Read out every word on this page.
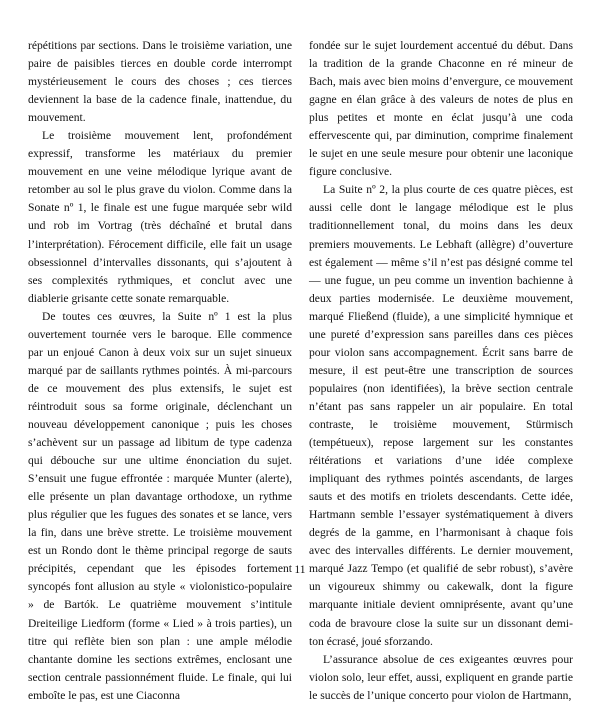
répétitions par sections. Dans le troisième variation, une paire de paisibles tierces en double corde interrompt mystérieusement le cours des choses ; ces tierces deviennent la base de la cadence finale, inattendue, du mouvement.

Le troisième mouvement lent, profondément expressif, transforme les matériaux du premier mouvement en une veine mélodique lyrique avant de retomber au sol le plus grave du violon. Comme dans la Sonate nº 1, le finale est une fugue marquée sebr wild und rob im Vortrag (très déchaîné et brutal dans l’interprétation). Férocement difficile, elle fait un usage obsessionnel d’intervalles dissonants, qui s’ajoutent à ses complexités rythmiques, et conclut avec une diablerie grisante cette sonate remarquable.

De toutes ces œuvres, la Suite nº 1 est la plus ouvertement tournée vers le baroque. Elle commence par un enjoué Canon à deux voix sur un sujet sinueux marqué par de saillants rythmes pointés. À mi-parcours de ce mouvement des plus extensifs, le sujet est réintroduit sous sa forme originale, déclenchant un nouveau développement canonique ; puis les choses s’achèvent sur un passage ad libitum de type cadenza qui débouche sur une ultime énonciation du sujet. S’ensuit une fugue effrontée : marquée Munter (alerte), elle présente un plan davantage orthodoxe, un rythme plus régulier que les fugues des sonates et se lance, vers la fin, dans une brève strette. Le troisième mouvement est un Rondo dont le thème principal regorge de sauts précipités, cependant que les épisodes fortement syncopés font allusion au style « violonistico-populaire » de Bartók. Le quatrième mouvement s’intitule Dreiteilige Liedform (forme « Lied » à trois parties), un titre qui reflète bien son plan : une ample mélodie chantante domine les sections extrêmes, enclosant une section centrale passionnément fluide. Le finale, qui lui emboîte le pas, est une Ciaconna

fondée sur le sujet lourdement accentué du début. Dans la tradition de la grande Chaconne en ré mineur de Bach, mais avec bien moins d’envergure, ce mouvement gagne en élan grâce à des valeurs de notes de plus en plus petites et monte en éclat jusqu’à une coda effervescente qui, par diminution, comprime finalement le sujet en une seule mesure pour obtenir une laconique figure conclusive.

La Suite nº 2, la plus courte de ces quatre pièces, est aussi celle dont le langage mélodique est le plus traditionnellement tonal, du moins dans les deux premiers mouvements. Le Lebhaft (allègre) d’ouverture est également — même s’il n’est pas désigné comme tel — une fugue, un peu comme un invention bachienne à deux parties modernisée. Le deuxième mouvement, marqué Fließend (fluide), a une simplicité hymnique et une pureté d’expression sans pareilles dans ces pièces pour violon sans accompagnement. Écrit sans barre de mesure, il est peut-être une transcription de sources populaires (non identifiées), la brève section centrale n’étant pas sans rappeler un air populaire. En total contraste, le troisième mouvement, Stürmisch (tempétueux), repose largement sur les constantes réitérations et variations d’une idée complexe impliquant des rythmes pointés ascendants, de larges sauts et des motifs en triolets descendants. Cette idée, Hartmann semble l’essayer systématiquement à divers degrés de la gamme, en l’harmonisant à chaque fois avec des intervalles différents. Le dernier mouvement, marqué Jazz Tempo (et qualifié de sebr robust), s’avère un vigoureux shimmy ou cakewalk, dont la figure marquante initiale devient omniprésente, avant qu’une coda de bravoure close la suite sur un dissonant demi-ton écrasé, joué sforzando.

L’assurance absolue de ces exigeantes œuvres pour violon solo, leur effet, aussi, expliquent en grande partie le succès de l’unique concerto pour violon de Hartmann,

11
